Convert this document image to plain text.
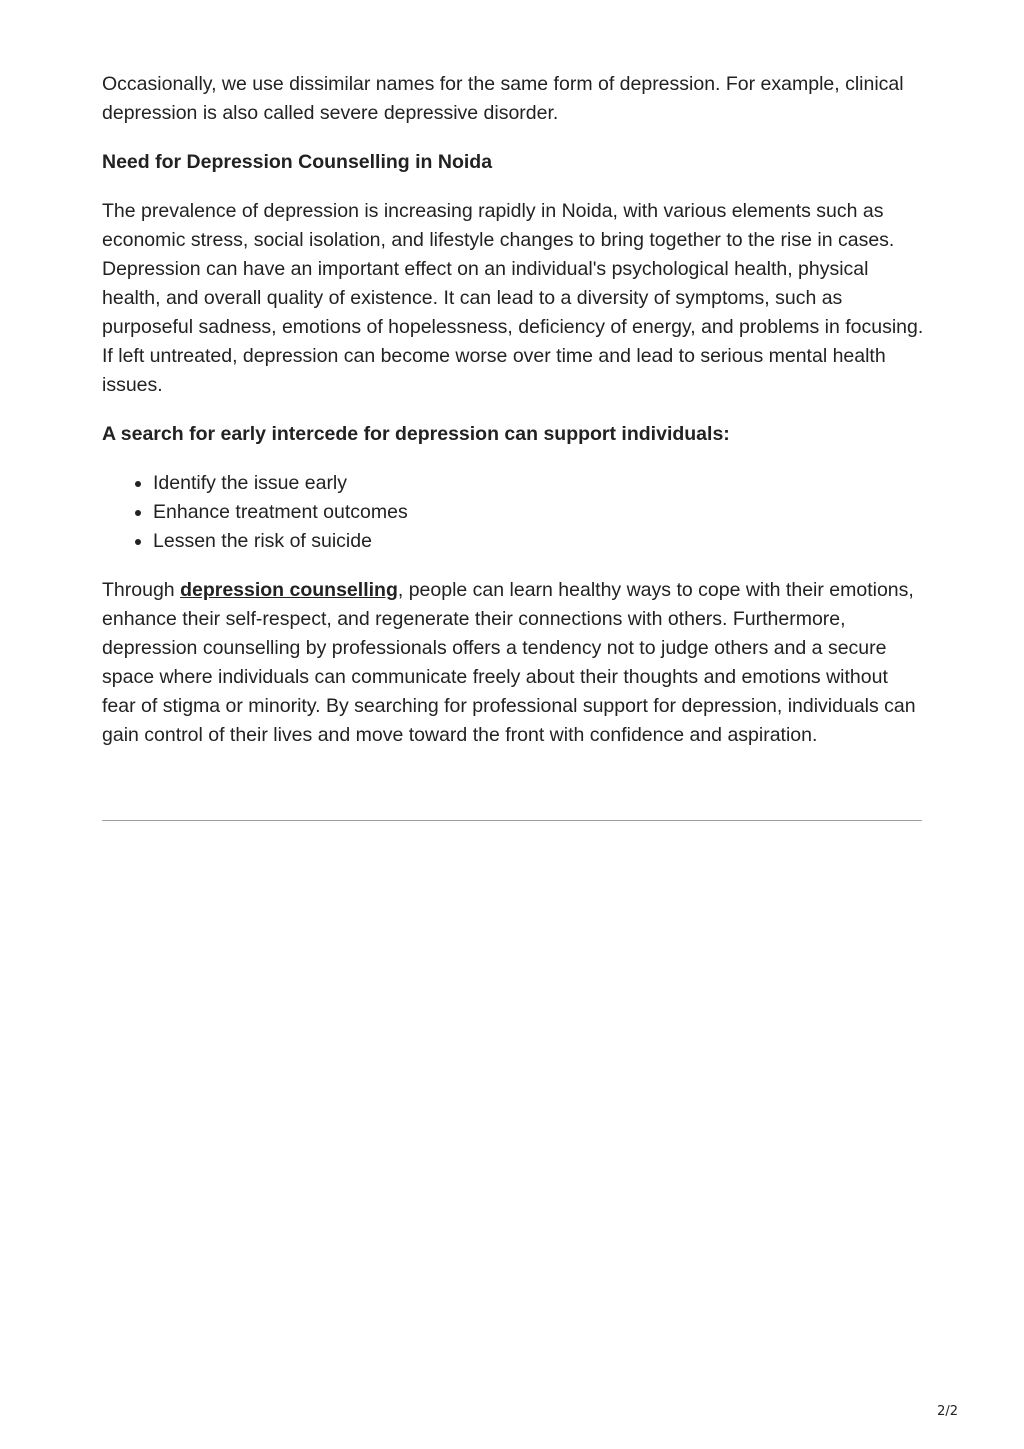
Occasionally, we use dissimilar names for the same form of depression. For example, clinical depression is also called severe depressive disorder.

Need for Depression Counselling in Noida

The prevalence of depression is increasing rapidly in Noida, with various elements such as economic stress, social isolation, and lifestyle changes to bring together to the rise in cases. Depression can have an important effect on an individual's psychological health, physical health, and overall quality of existence. It can lead to a diversity of symptoms, such as purposeful sadness, emotions of hopelessness, deficiency of energy, and problems in focusing. If left untreated, depression can become worse over time and lead to serious mental health issues.

A search for early intercede for depression can support individuals:
• Identify the issue early
• Enhance treatment outcomes
• Lessen the risk of suicide

Through depression counselling, people can learn healthy ways to cope with their emotions, enhance their self-respect, and regenerate their connections with others. Furthermore, depression counselling by professionals offers a tendency not to judge others and a secure space where individuals can communicate freely about their thoughts and emotions without fear of stigma or minority. By searching for professional support for depression, individuals can gain control of their lives and move toward the front with confidence and aspiration.

2/2
